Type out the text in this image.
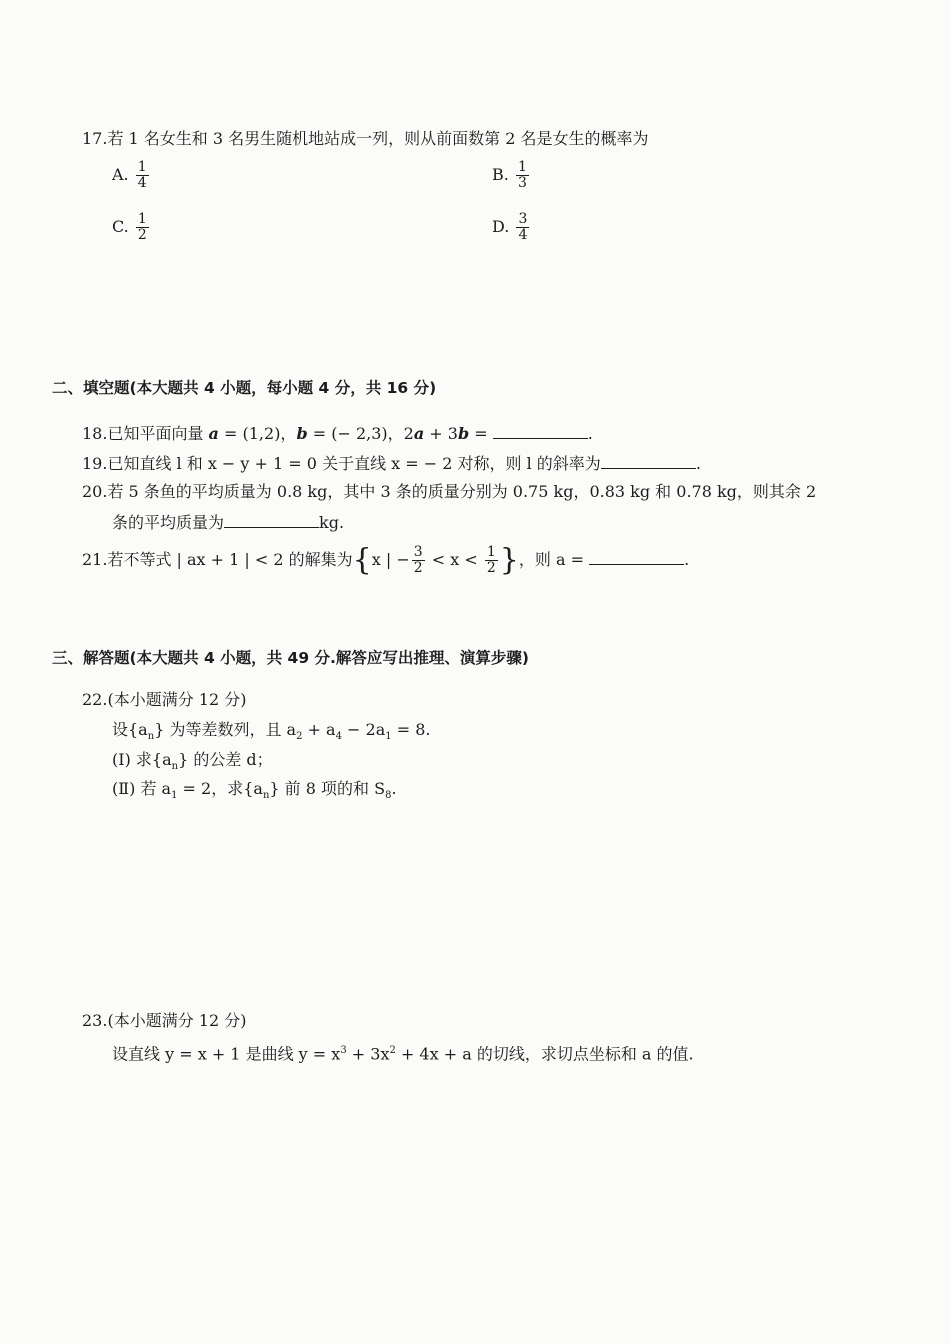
17.若 1 名女生和 3 名男生随机地站成一列，则从前面数第 2 名是女生的概率为
A. $\frac{1}{4}$	B. $\frac{1}{3}$
C. $\frac{1}{2}$	D. $\frac{3}{4}$
二、填空题(本大题共 4 小题，每小题 4 分，共 16 分)
18.已知平面向量 a = (1,2)，b = (− 2,3)，2a + 3b =	.
19.已知直线 l 和 x − y + 1 = 0 关于直线 x = − 2 对称，则 l 的斜率为	.
20.若 5 条鱼的平均质量为 0.8 kg，其中 3 条的质量分别为 0.75 kg，0.83 kg 和 0.78 kg，则其余 2
条的平均质量为	kg.
21.若不等式 | ax + 1 | < 2 的解集为{x | − $\frac{3}{2} < x < \frac{1}{2}$ }，则 a =	.
三、解答题(本大题共 4 小题，共 49 分.解答应写出推理、演算步骤)
22.(本小题满分 12 分)
设$\{a_n\}$ 为等差数列，且 $a_2 + a_4 - 2a_1 = 8$.
(Ⅰ) 求$\{a_n\}$ 的公差 d；
(Ⅱ) 若 $a_1 = 2$，求$\{a_n\}$ 前 8 项的和 $S_8$.
23.(本小题满分 12 分)
设直线 y = x + 1 是曲线 $y = x^3 + 3x^2 + 4x + a$ 的切线，求切点坐标和 a 的值.
